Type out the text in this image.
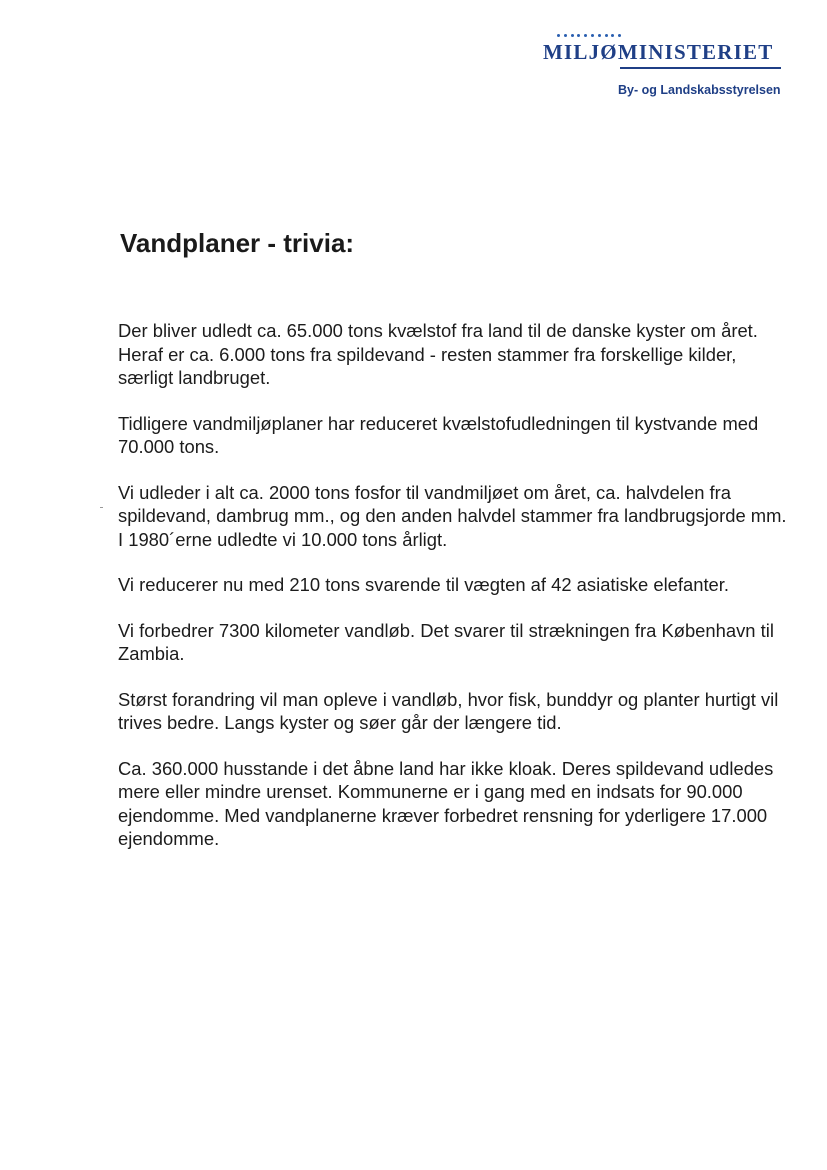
MILJØMINISTERIET
By- og Landskabsstyrelsen
Vandplaner - trivia:

Der bliver udledt ca. 65.000 tons kvælstof fra land til de danske kyster om året. Heraf er ca. 6.000 tons fra spildevand - resten stammer fra forskellige kilder, særligt landbruget.

Tidligere vandmiljøplaner har reduceret kvælstofudledningen til kystvande med 70.000 tons.

Vi udleder i alt ca. 2000 tons fosfor til vandmiljøet om året, ca. halvdelen fra spildevand, dambrug mm., og den anden halvdel stammer fra landbrugsjorde mm. I 1980´erne udledte vi 10.000 tons årligt.

Vi reducerer nu med 210 tons svarende til vægten af 42 asiatiske elefanter.

Vi forbedrer 7300 kilometer vandløb. Det svarer til strækningen fra København til Zambia.

Størst forandring vil man opleve i vandløb, hvor fisk, bunddyr og planter hurtigt vil trives bedre. Langs kyster og søer går der længere tid.

Ca. 360.000 husstande i det åbne land har ikke kloak. Deres spildevand udledes mere eller mindre urenset. Kommunerne er i gang med en indsats for 90.000 ejendomme. Med vandplanerne kræver forbedret rensning for yderligere 17.000 ejendomme.
